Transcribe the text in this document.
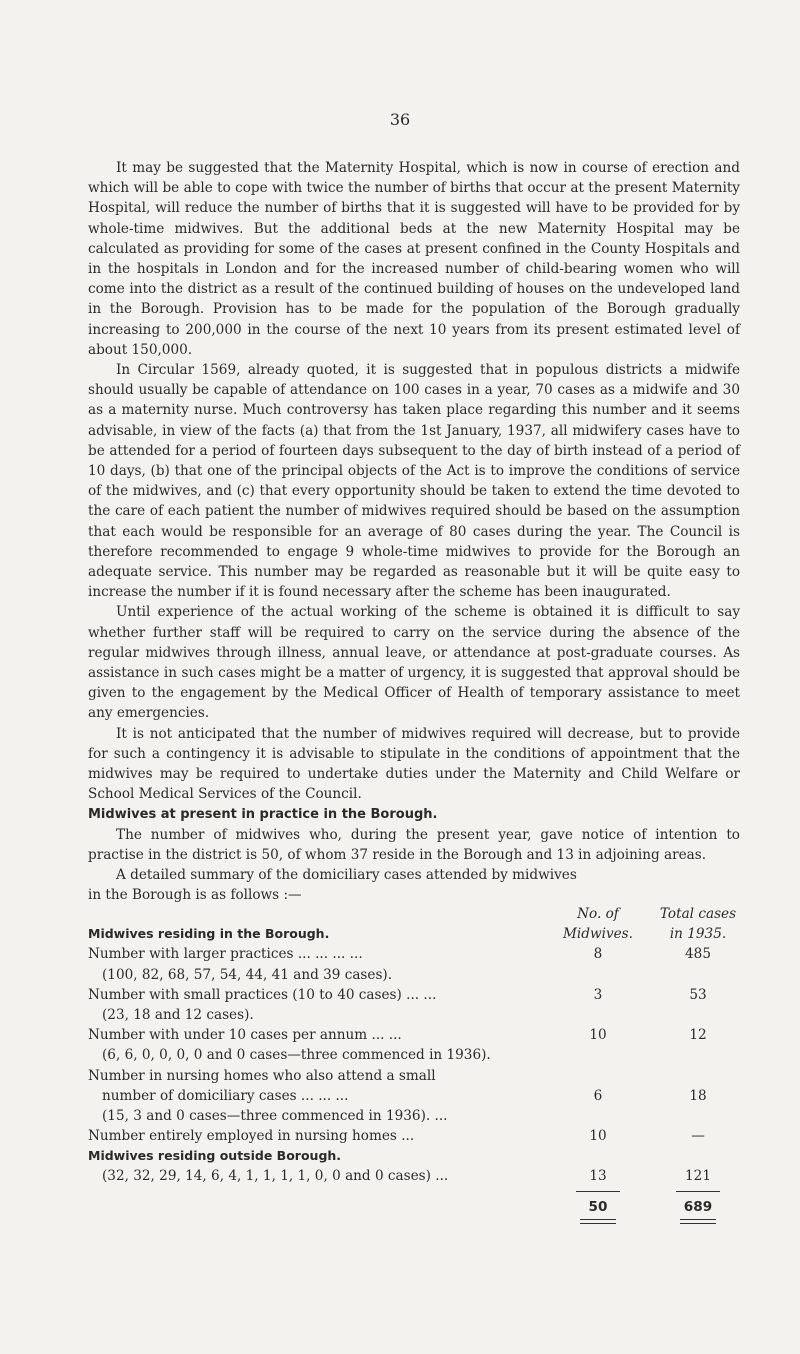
36

It may be suggested that the Maternity Hospital, which is now in course of erection and which will be able to cope with twice the number of births that occur at the present Maternity Hospital, will reduce the number of births that it is suggested will have to be provided for by whole-time midwives. But the additional beds at the new Maternity Hospital may be calculated as providing for some of the cases at present confined in the County Hospitals and in the hospitals in London and for the increased number of child-bearing women who will come into the district as a result of the continued building of houses on the undeveloped land in the Borough. Provision has to be made for the population of the Borough gradually increasing to 200,000 in the course of the next 10 years from its present estimated level of about 150,000.

In Circular 1569, already quoted, it is suggested that in populous districts a midwife should usually be capable of attendance on 100 cases in a year, 70 cases as a midwife and 30 as a maternity nurse. Much controversy has taken place regarding this number and it seems advisable, in view of the facts (a) that from the 1st January, 1937, all midwifery cases have to be attended for a period of fourteen days subsequent to the day of birth instead of a period of 10 days, (b) that one of the principal objects of the Act is to improve the conditions of service of the midwives, and (c) that every opportunity should be taken to extend the time devoted to the care of each patient the number of midwives required should be based on the assumption that each would be responsible for an average of 80 cases during the year. The Council is therefore recommended to engage 9 whole-time midwives to provide for the Borough an adequate service. This number may be regarded as reasonable but it will be quite easy to increase the number if it is found necessary after the scheme has been inaugurated.

Until experience of the actual working of the scheme is obtained it is difficult to say whether further staff will be required to carry on the service during the absence of the regular midwives through illness, annual leave, or attendance at post-graduate courses. As assistance in such cases might be a matter of urgency, it is suggested that approval should be given to the engagement by the Medical Officer of Health of temporary assistance to meet any emergencies.

It is not anticipated that the number of midwives required will decrease, but to provide for such a contingency it is advisable to stipulate in the conditions of appointment that the midwives may be required to undertake duties under the Maternity and Child Welfare or School Medical Services of the Council.

Midwives at present in practice in the Borough.

The number of midwives who, during the present year, gave notice of intention to practise in the district is 50, of whom 37 reside in the Borough and 13 in adjoining areas.

A detailed summary of the domiciliary cases attended by midwives

in the Borough is as follows :—

No. of	Total cases
Midwives residing in the Borough.	Midwives.	in 1935.
Number with larger practices ... ... ... ...	8	485
(100, 82, 68, 57, 54, 44, 41 and 39 cases).
Number with small practices (10 to 40 cases) ... ...	3	53
(23, 18 and 12 cases).
Number with under 10 cases per annum ... ...	10	12
(6, 6, 0, 0, 0, 0 and 0 cases—three commenced in 1936).
Number in nursing homes who also attend a small
number of domiciliary cases ... ... ...	6	18
(15, 3 and 0 cases—three commenced in 1936). ...
Number entirely employed in nursing homes ...	10	—
Midwives residing outside Borough.
(32, 32, 29, 14, 6, 4, 1, 1, 1, 1, 0, 0 and 0 cases) ...	13	121
50	689
